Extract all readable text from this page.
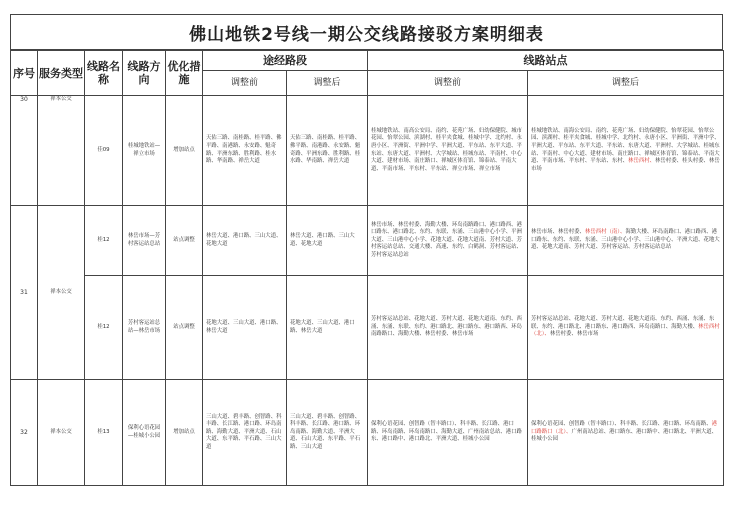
佛山地铁2号线一期公交线路接驳方案明细表
序号	服务类型	线路名称	线路方向	优化措施	途经路段		线路站点	
					调整前	调整后	调整前	调整后
30	禅本公交	佳09	桂城地铁站—禅立市场	增加站点	天佑三路、南桂路、桂平路、佛平路、南港路、永安路、魁奇路、平洲东路、胜利路、桂水路、华南路、禅岳大道	天佑三路、南桂路、桂平路、佛平路、南港路、永安路、魁奇路、平洲东路、胜利路、桂水路、华南路、禅岳大道	桂城地铁站、南高公安局、南约、花苑广场、妇幼保健院、城市花园、怡翠公园、滨湖村、桂平夹食城、桂城中学、北约村、永唐小区、平洲街、平洲中学、平洲大道、平东站、东平大道、平东站、东唐大道、平洲村、大学城站、桂城东站、平南村、中心大道、建材市场、南庄路口、禅城区体育馆、锦泰站、平南大道、平南市场、平东村、平东站、禅立市场、禅立市场	桂城地铁站、南海公安局、南约、花苑广场、妇幼保健院、怡翠花园、怡翠公园、滨湖村、桂平夹食城、桂城中学、北约村、永唐小区、平洲街、平洲中学、平洲大道、平东站、东平大道、平东站、东唐大道、平洲村、大学城站、桂城东站、平南村、中心大道、建材市场、南庄路口、禅城区体育馆、锦泰站、平南大道、平南市场、平东村、平东站、东村、林岳西村、林岳村委、桂头村委、林岳市场

31	禅本公交	桂12	林岳市场—芳村客运站总站	站点调整	林岳大道、港口路、三山大道、花地大道	林岳大道、港口路、三山大道、花地大道	林岳市场、林岳村委、海勤大楼、环岛南路路口、港口路西、港口路东、港口路北、东约、东联、东涌、三山港中心小学、平洲大道、三山港中心小学、花地大道、花地大道南、芳村大道、芳村客运站总站、交通大楼、高速、东约、白鹤洞、芳村客运站、芳村客运站总站	林岳市场、林岳村委、林岳西村（南）、海勤大楼、环岛南路口、港口路西、港口路东、东约、东联、东涌、三山港中心小学、三山港中心、平洲大道、花地大道、花地大道南、芳村大道、芳村客运站、芳村客运站总站

		桂12	芳村客运站总站—林岳市场	站点调整	花地大道、三山大道、港口路、林岳大道	花地大道、三山大道、港口路、林岳大道	芳村客运站总站、花地大道、芳村大道、花地大道南、东约、西涌、东涌、东联、东约、港口路北、港口路东、港口路西、环岛南路路口、海勤大楼、林岳村委、林岳市场	芳村客运站总站、花地大道、芳村大道、花地大道南、东约、西涌、东涌、东联、东约、港口路北、港口路东、港口路西、环岛南路口、海勤大楼、林岳西村（北）、林岳村委、林岳市场

32	禅本公交	桂13	保利心语花园—桂城小公园	增加站点	三山大道、碧丰路、创智路、科丰路、长江路、港口路、环岛南路、海勤大道、平洲大道、石山大道、东平路、平石路、三山大道	三山大道、碧丰路、创智路、科丰路、长江路、港口路、环岛南路、海勤大道、平洲大道、石山大道、东平路、平石路、三山大道	保利心语花园、创智路（智丰路口）、科丰路、长江路、港口路、环岛南路、环岛南路口、海勤大道、广州南站总站、港口路东、港口路中、港口路北、平洲大道、桂城小公园	保利心语花园、创智路（智丰路口）、科丰路、长江路、港口路、环岛南路、港口路路口（北）、广州南站总站、港口路东、港口路中、港口路北、平洲大道、桂城小公园
